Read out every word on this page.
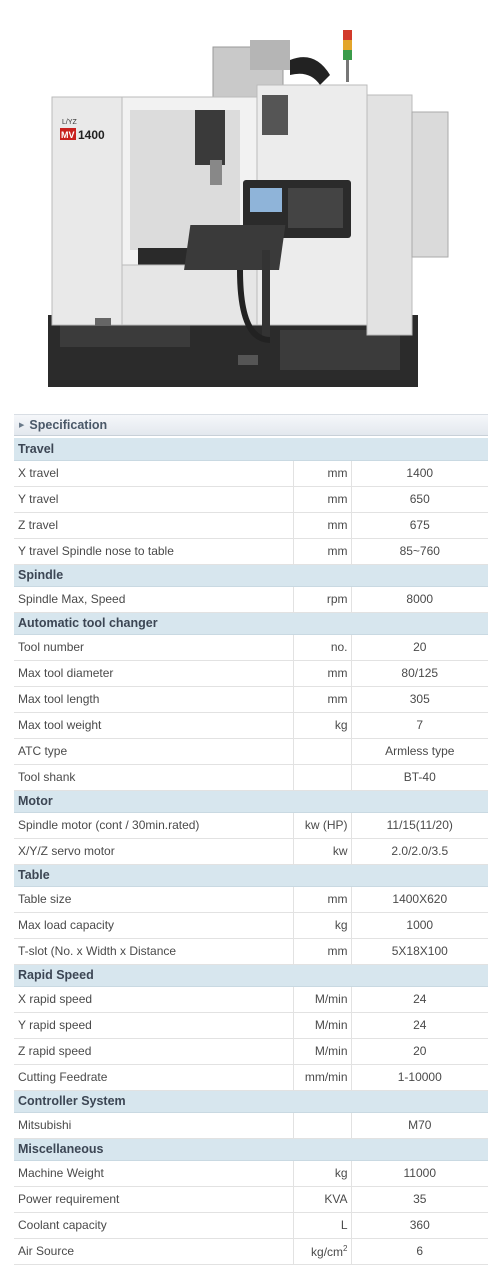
L/YZ
MV 1400
▶ Specification
Travel		
X travel	mm	1400
Y travel	mm	650
Z travel	mm	675
Y travel Spindle nose to table	mm	85~760
Spindle		
Spindle Max, Speed	rpm	8000
Automatic tool changer		
Tool number	no.	20
Max tool diameter	mm	80/125
Max tool length	mm	305
Max tool weight	kg	7
ATC type		Armless type
Tool shank		BT-40
Motor		
Spindle motor (cont / 30min.rated)	kw (HP)	11/15(11/20)
X/Y/Z servo motor	kw	2.0/2.0/3.5
Table		
Table size	mm	1400X620
Max load capacity	kg	1000
T-slot (No. x Width x Distance	mm	5X18X100
Rapid Speed		
X rapid speed	M/min	24
Y rapid speed	M/min	24
Z rapid speed	M/min	20
Cutting Feedrate	mm/min	1-10000
Controller System		
Mitsubishi		M70
Miscellaneous		
Machine Weight	kg	11000
Power requirement	KVA	35
Coolant capacity	L	360
Air Source	$kg/cm^2$	6
